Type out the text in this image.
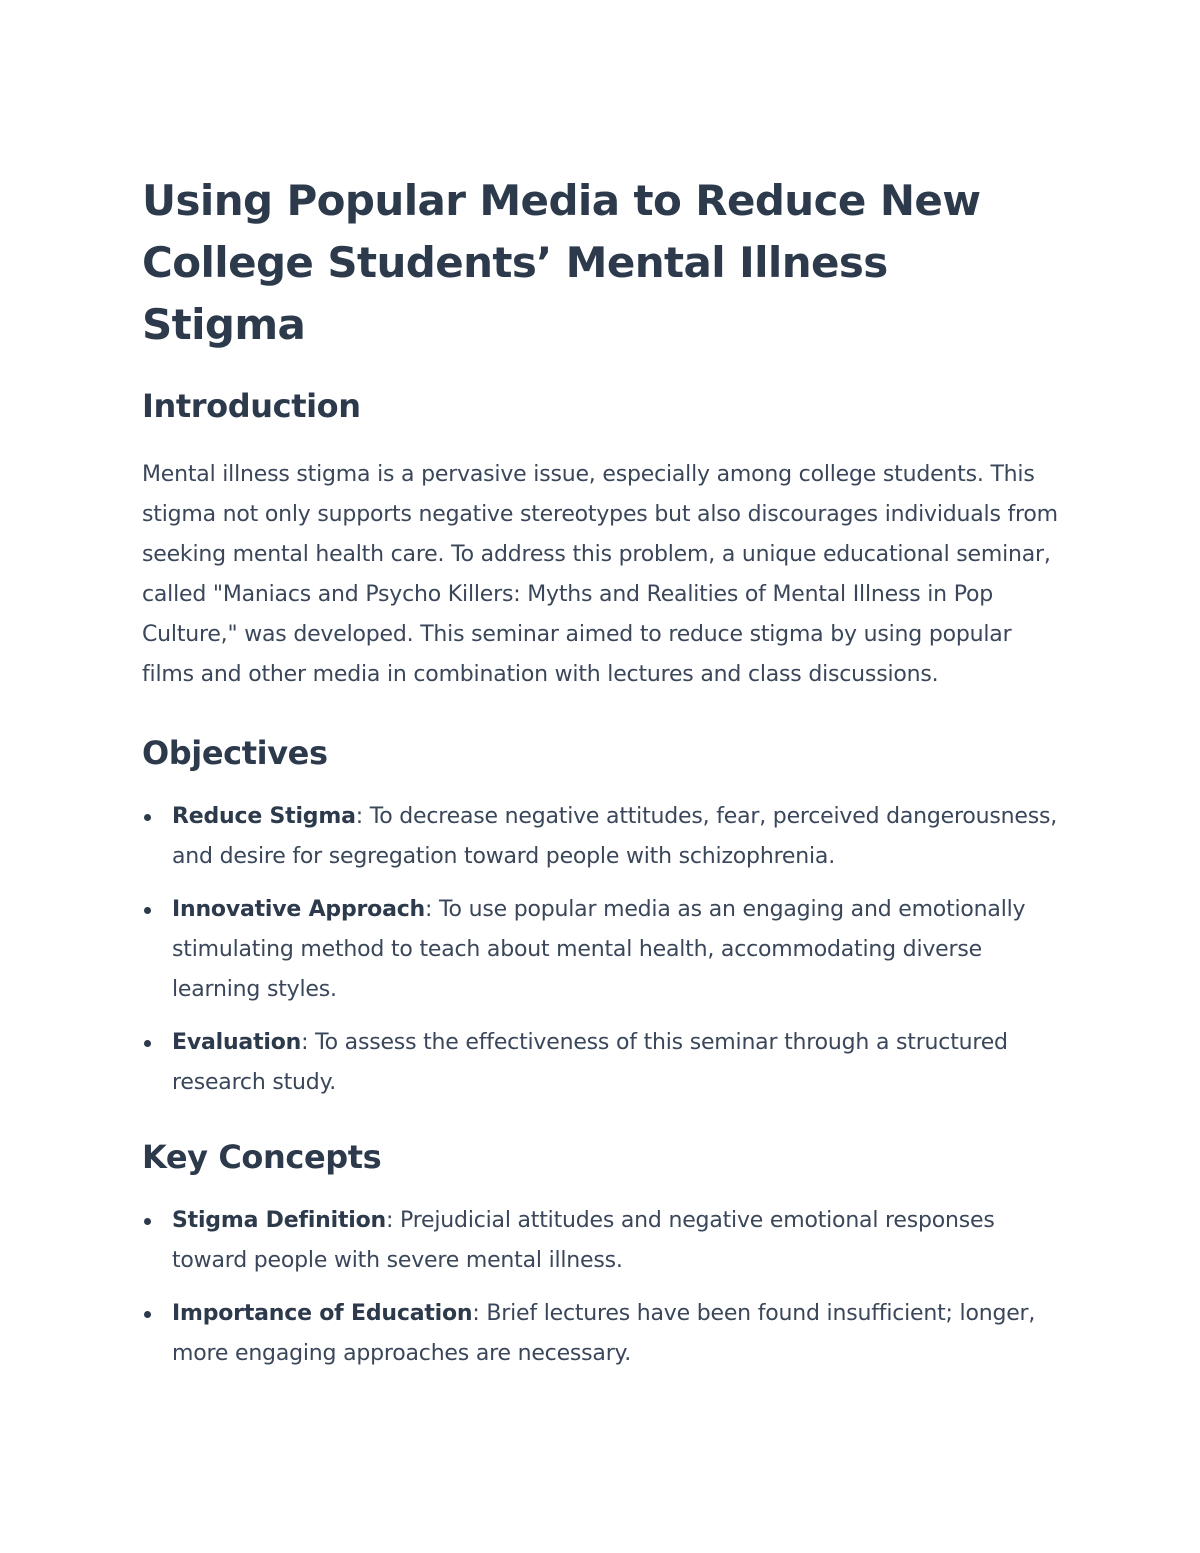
Using Popular Media to Reduce New College Students’ Mental Illness Stigma
Introduction

Mental illness stigma is a pervasive issue, especially among college students. This stigma not only supports negative stereotypes but also discourages individuals from seeking mental health care. To address this problem, a unique educational seminar, called "Maniacs and Psycho Killers: Myths and Realities of Mental Illness in Pop Culture," was developed. This seminar aimed to reduce stigma by using popular films and other media in combination with lectures and class discussions.

Objectives
Reduce Stigma: To decrease negative attitudes, fear, perceived dangerousness, and desire for segregation toward people with schizophrenia.
Innovative Approach: To use popular media as an engaging and emotionally stimulating method to teach about mental health, accommodating diverse learning styles.
Evaluation: To assess the effectiveness of this seminar through a structured research study.
Key Concepts
Stigma Definition: Prejudicial attitudes and negative emotional responses toward people with severe mental illness.
Importance of Education: Brief lectures have been found insufficient; longer, more engaging approaches are necessary.
